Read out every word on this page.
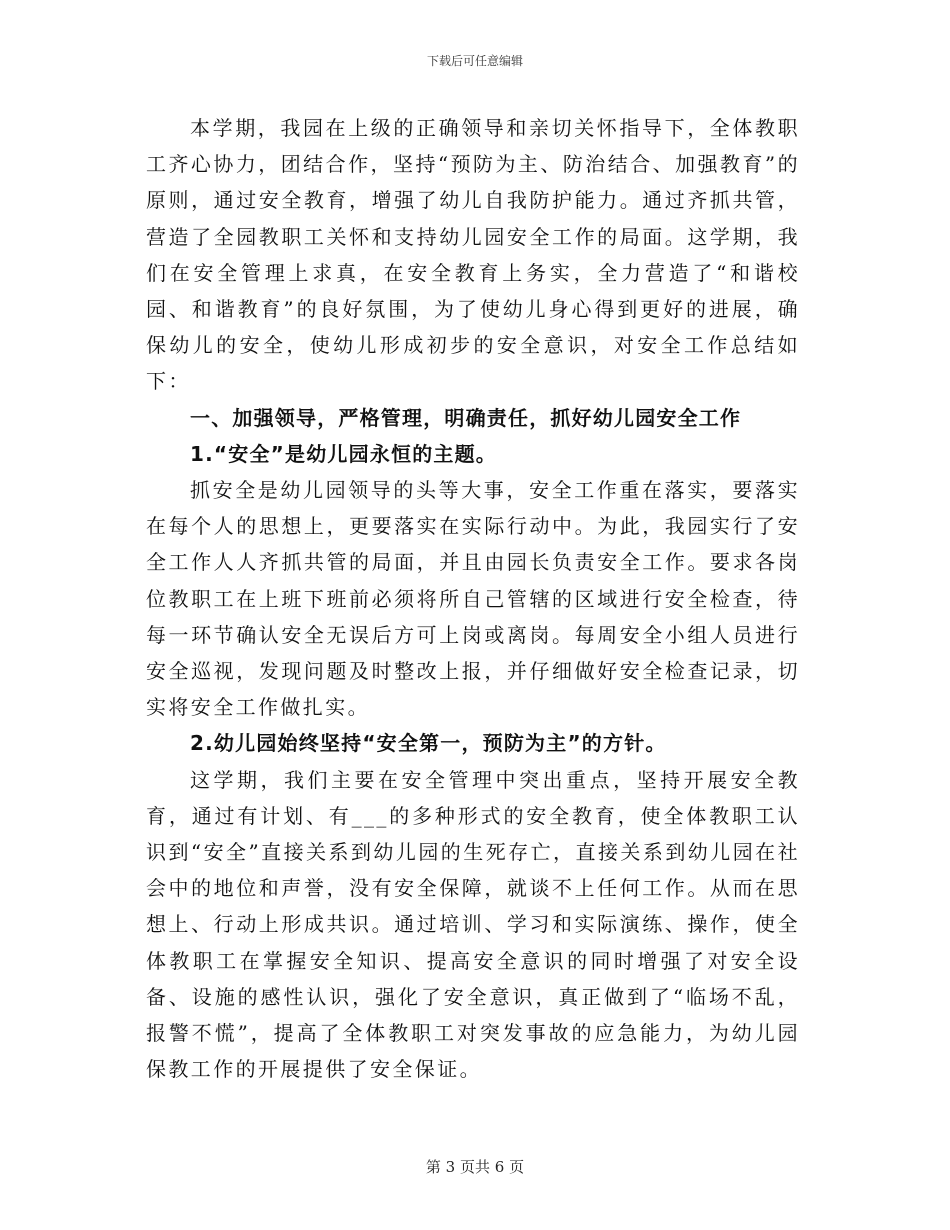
下载后可任意编辑

本学期，我园在上级的正确领导和亲切关怀指导下，全体教职工齐心协力，团结合作，坚持“预防为主、防治结合、加强教育”的原则，通过安全教育，增强了幼儿自我防护能力。通过齐抓共管，营造了全园教职工关怀和支持幼儿园安全工作的局面。这学期，我们在安全管理上求真，在安全教育上务实，全力营造了“和谐校园、和谐教育”的良好氛围，为了使幼儿身心得到更好的进展，确保幼儿的安全，使幼儿形成初步的安全意识，对安全工作总结如下：

一、加强领导，严格管理，明确责任，抓好幼儿园安全工作

1.“安全”是幼儿园永恒的主题。

抓安全是幼儿园领导的头等大事，安全工作重在落实，要落实在每个人的思想上，更要落实在实际行动中。为此，我园实行了安全工作人人齐抓共管的局面，并且由园长负责安全工作。要求各岗位教职工在上班下班前必须将所自己管辖的区域进行安全检查，待每一环节确认安全无误后方可上岗或离岗。每周安全小组人员进行安全巡视，发现问题及时整改上报，并仔细做好安全检查记录，切实将安全工作做扎实。

2.幼儿园始终坚持“安全第一，预防为主”的方针。

这学期，我们主要在安全管理中突出重点，坚持开展安全教育，通过有计划、有___的多种形式的安全教育，使全体教职工认识到“安全”直接关系到幼儿园的生死存亡，直接关系到幼儿园在社会中的地位和声誉，没有安全保障，就谈不上任何工作。从而在思想上、行动上形成共识。通过培训、学习和实际演练、操作，使全体教职工在掌握安全知识、提高安全意识的同时增强了对安全设备、设施的感性认识，强化了安全意识，真正做到了“临场不乱，报警不慌”，提高了全体教职工对突发事故的应急能力，为幼儿园保教工作的开展提供了安全保证。

第 3 页共 6 页
